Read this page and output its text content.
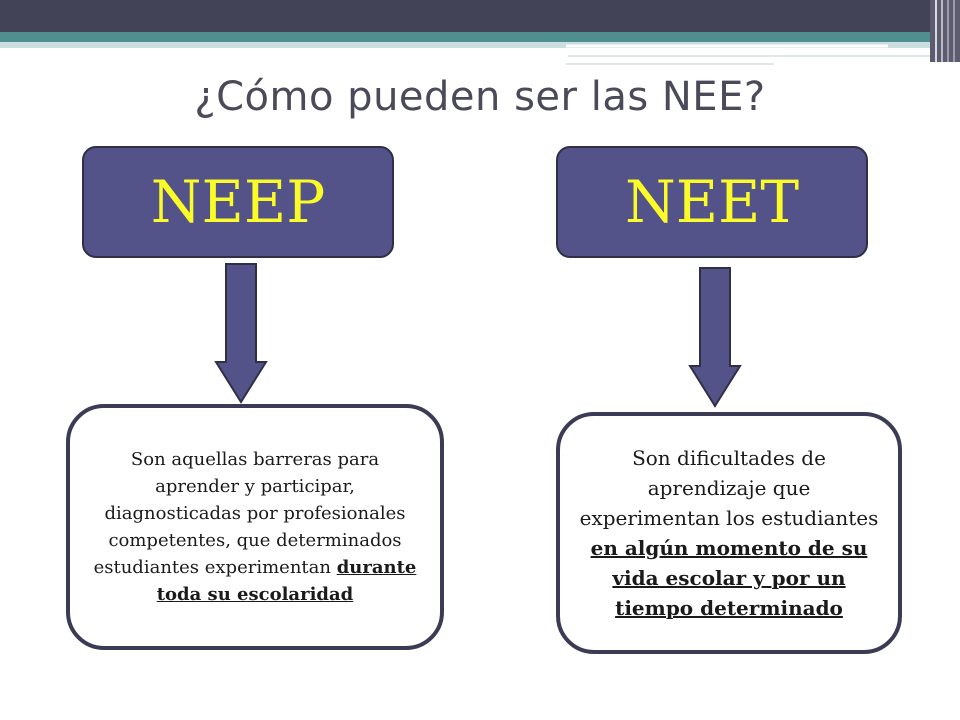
¿Cómo pueden ser las NEE?
NEEP	NEET
Son aquellas barreras para aprender y participar, diagnosticadas por profesionales competentes, que determinados estudiantes experimentan durante toda su escolaridad
Son dificultades de aprendizaje que experimentan los estudiantes en algún momento de su vida escolar y por un tiempo determinado
